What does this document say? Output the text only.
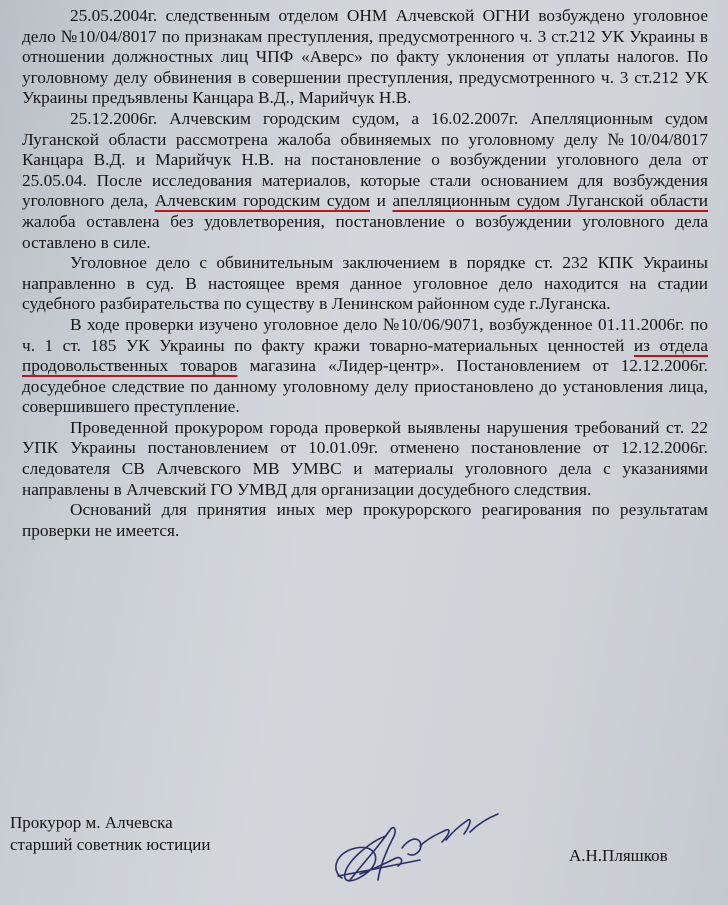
25.05.2004г. следственным отделом ОНМ Алчевской ОГНИ возбуждено уголовное дело №10/04/8017 по признакам преступления, предусмотренного ч. 3 ст.212 УК Украины в отношении должностных лиц ЧПФ «Аверс» по факту уклонения от уплаты налогов. По уголовному делу обвинения в совершении преступления, предусмотренного ч. 3 ст.212 УК Украины предъявлены Канцара В.Д., Марийчук Н.В.

25.12.2006г. Алчевским городским судом, а 16.02.2007г. Апелляционным судом Луганской области рассмотрена жалоба обвиняемых по уголовному делу №10/04/8017 Канцара В.Д. и Марийчук Н.В. на постановление о возбуждении уголовного дела от 25.05.04. После исследования материалов, которые стали основанием для возбуждения уголовного дела, Алчевским городским судом и апелляционным судом Луганской области жалоба оставлена без удовлетворения, постановление о возбуждении уголовного дела оставлено в силе.

Уголовное дело с обвинительным заключением в порядке ст. 232 КПК Украины направленно в суд. В настоящее время данное уголовное дело находится на стадии судебного разбирательства по существу в Ленинском районном суде г.Луганска.

В ходе проверки изучено уголовное дело №10/06/9071, возбужденное 01.11.2006г. по ч. 1 ст. 185 УК Украины по факту кражи товарно-материальных ценностей из отдела продовольственных товаров магазина «Лидер-центр». Постановлением от 12.12.2006г. досудебное следствие по данному уголовному делу приостановлено до установления лица, совершившего преступление.

Проведенной прокурором города проверкой выявлены нарушения требований ст. 22 УПК Украины постановлением от 10.01.09г. отменено постановление от 12.12.2006г. следователя СВ Алчевского МВ УМВС и материалы уголовного дела с указаниями направлены в Алчевский ГО УМВД для организации досудебного следствия.

Оснований для принятия иных мер прокурорского реагирования по результатам проверки не имеется.

Прокурор м. Алчевска
старший советник юстиции
А.Н.Пляшков
